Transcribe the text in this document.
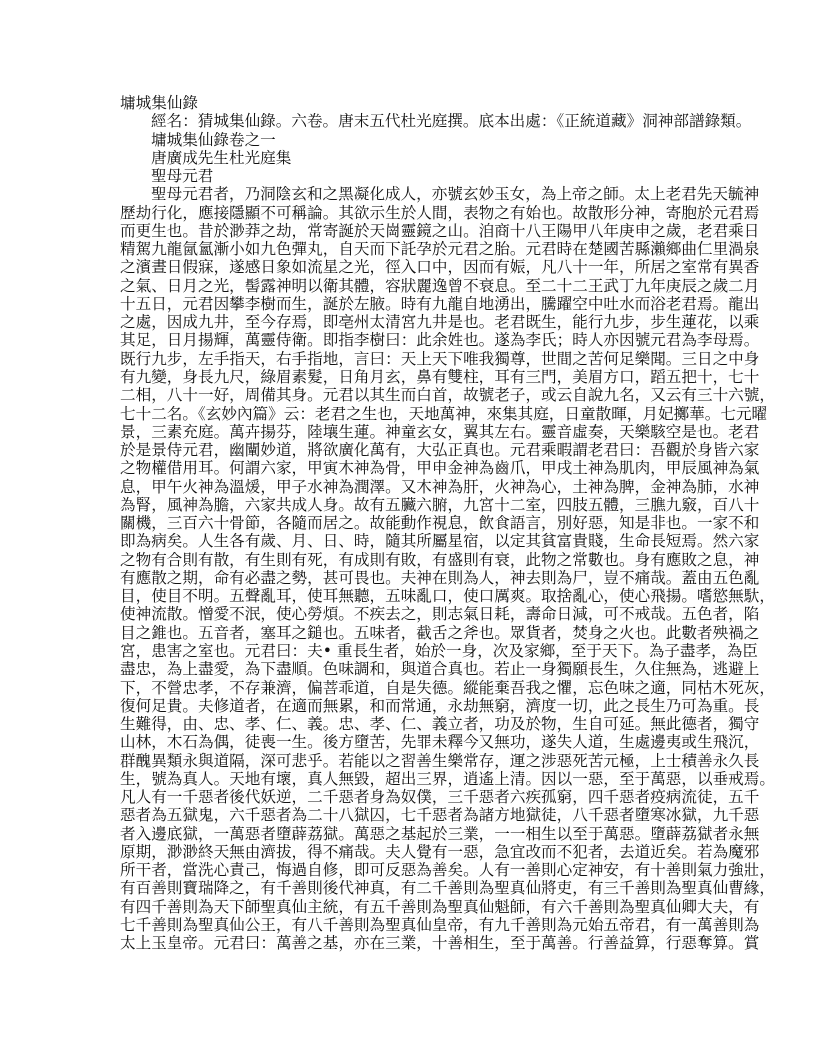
墉城集仙錄
經名：猜城集仙錄。六卷。唐末五代杜光庭撰。底本出處：《正統道藏》洞神部譜錄類。
墉城集仙錄卷之一
唐廣成先生杜光庭集
聖母元君
聖母元君者，乃洞陰玄和之黑凝化成人，亦號玄妙玉女，為上帝之師。太上老君先天毓神
歷劫行化，應接隱顯不可稱論。其欲示生於人間，表物之有始也。故散形分神，寄胞於元君焉
而更生也。昔於渺莽之劫，常寄誕於天崗靈鏡之山。洎商十八王陽甲八年庚申之歲，老君乘日
精駕九龍氤氳漸小如九色彈丸，自天而下託孕於元君之胎。元君時在楚國苦縣瀨鄉曲仁里渦泉
之濱晝日假寐，遂感日象如流星之光，徑入口中，因而有娠，凡八十一年，所居之室常有異香
之氣、日月之光，髻露神明以衛其體，容狀麗逸曾不衰息。至二十二王武丁九年庚辰之歲二月
十五日，元君因攀李樹而生，誕於左腋。時有九龍自地湧出，騰躍空中吐水而浴老君焉。龍出
之處，因成九井，至今存焉，即亳州太清宮九井是也。老君既生，能行九步，步生蓮花，以乘
其足，日月揚輝，萬靈侍衛。即指李樹曰：此余姓也。遂為李氏；時人亦因號元君為李母焉。
既行九步，左手指天，右手指地，言曰：天上天下唯我獨尊，世間之苦何足樂聞。三日之中身
有九變，身長九尺，綠眉素髮，日角月玄，鼻有雙柱，耳有三門，美眉方口，蹈五把十，七十
二相，八十一好，周備其身。元君以其生而白首，故號老子，或云自說九名，又云有三十六號，
七十二名。《玄妙內篇》云：老君之生也，天地萬神，來集其庭，日童散暉，月妃擲華。七元曜
景，三素充庭。萬卉揚芬，陸壤生蓮。神童玄女，翼其左右。靈音虛奏，天樂駭空是也。老君
於是景侍元君，幽闡妙道，將欲廣化萬有，大弘正真也。元君乘暇謂老君曰：吾觀於身皆六家
之物權借用耳。何謂六家，甲寅木神為骨，甲申金神為齒爪，甲戌土神為肌肉，甲辰風神為氣
息，甲午火神為溫煖，甲子水神為潤澤。又木神為肝，火神為心，土神為脾，金神為肺，水神
為腎，風神為膽，六家共成人身。故有五臟六腑，九宮十二室，四肢五體，三膲九竅，百八十
關機，三百六十骨節，各隨而居之。故能動作視息，飲食語言，別好惡，知是非也。一家不和
即為病矣。人生各有歲、月、日、時，隨其所屬星宿，以定其貧富貴賤，生命長短焉。然六家
之物有合則有散，有生則有死，有成則有敗，有盛則有衰，此物之常數也。身有應敗之息，神
有應散之期，命有必盡之勢，甚可畏也。夫神在則為人，神去則為尸，豈不痛哉。蓋由五色亂
目，使目不明。五聲亂耳，使耳無聽，五味亂口，使口厲爽。取捨亂心，使心飛揚。嗜慾無馱，
使神流散。憎愛不泯，使心勞煩。不疾去之，則志氣日耗，壽命日減，可不戒哉。五色者，陷
目之錐也。五音者，塞耳之鎚也。五味者，截舌之斧也。眾貨者，焚身之火也。此數者殃禍之
宮，患害之室也。元君曰：夫• 重長生者，始於一身，次及家鄉，至于天下。為子盡孝，為臣
盡忠，為上盡愛，為下盡順。色味調和，與道合真也。若止一身獨願長生，久住無為，逃避上
下，不營忠孝，不存兼濟，偏菩乖道，自是失德。縱能棄吾我之懼，忘色味之適，同枯木死灰，
復何足貴。夫修道者，在適而無累，和而常通，永劫無窮，濟度一切，此之長生乃可為重。長
生難得，由、忠、孝、仁、義。忠、孝、仁、義立者，功及於物，生自可延。無此德者，獨守
山林，木石為偶，徒喪一生。後方墮苦，先罪未釋今又無功，遂失人道，生處邊夷或生飛沉，
群醜異類永與道隔，深可悲乎。若能以之習善生樂常存，運之涉惡死苦元極，上士積善永久長
生，號為真人。天地有壞，真人無毀，超出三界，逍遙上清。因以一惡，至于萬惡，以垂戒焉。
凡人有一千惡者後代妖逆，二千惡者身為奴僕，三千惡者六疾孤窮，四千惡者疫病流徒，五千
惡者為五獄鬼，六千惡者為二十八獄囚，七千惡者為諸方地獄徒，八千惡者墮寒冰獄，九千惡
者入邊底獄，一萬惡者墮薜荔獄。萬惡之基起於三業，一一相生以至于萬惡。墮薜荔獄者永無
原期，渺渺終天無由濟拔，得不痛哉。夫人覺有一惡，急宜改而不犯者，去道近矣。若為魔邪
所干者，當洗心責己，悔過自修，即可反惡為善矣。人有一善則心定神安，有十善則氣力強壯，
有百善則寶瑞降之，有千善則後代神真，有二千善則為聖真仙將吏，有三千善則為聖真仙曹緣，
有四千善則為天下師聖真仙主統，有五千善則為聖真仙魁師，有六千善則為聖真仙卿大夫，有
七千善則為聖真仙公王，有八千善則為聖真仙皇帝，有九千善則為元始五帝君，有一萬善則為
太上玉皇帝。元君曰：萬善之基，亦在三業，十善相生，至于萬善。行善益算，行惡奪算。賞
